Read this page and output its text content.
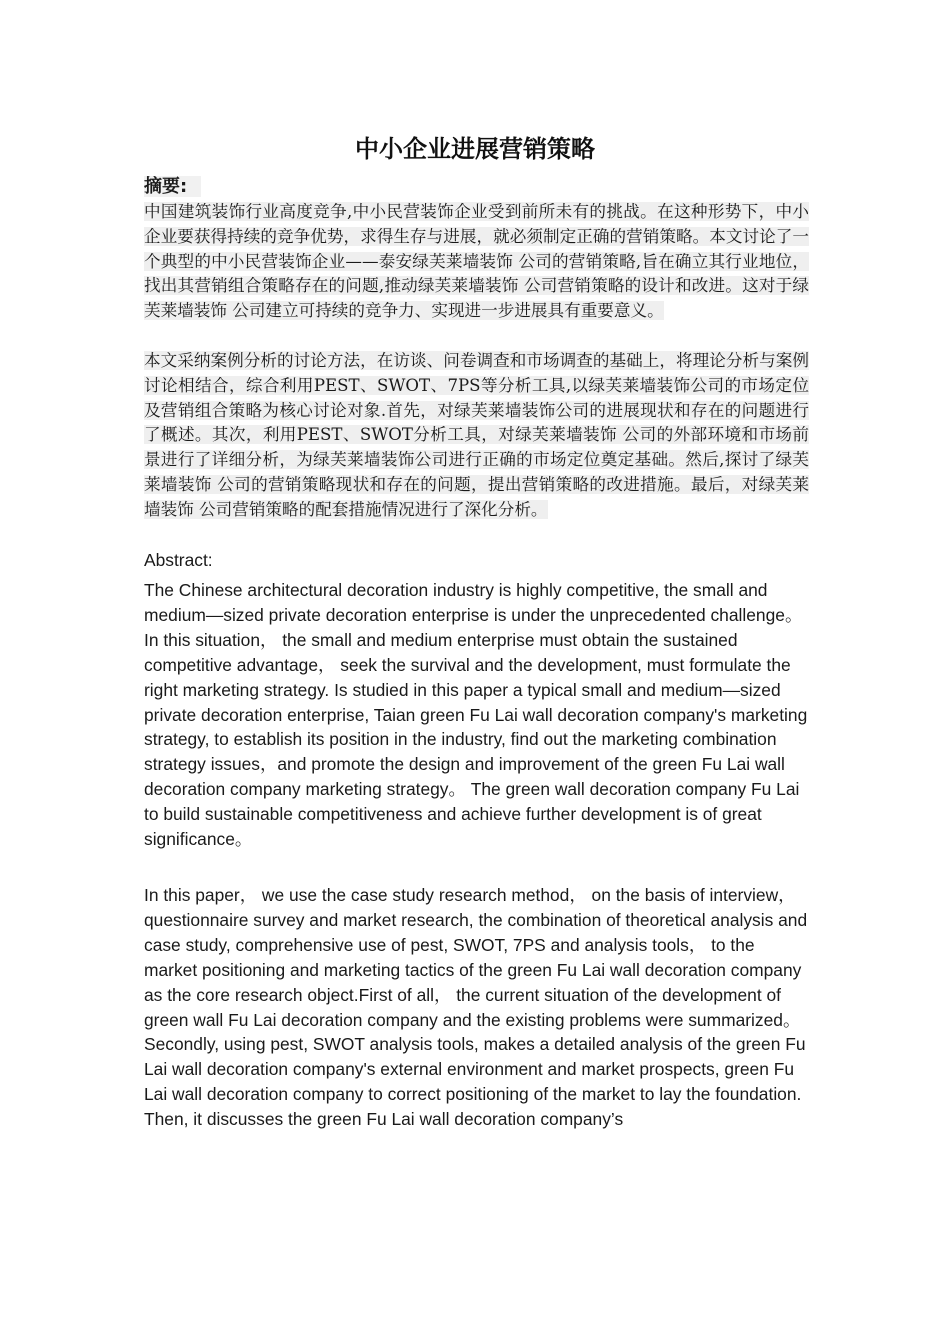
中小企业进展营销策略
摘要:

中国建筑装饰行业高度竞争,中小民营装饰企业受到前所未有的挑战。在这种形势下，中小企业要获得持续的竞争优势，求得生存与进展，就必须制定正确的营销策略。本文讨论了一个典型的中小民营装饰企业——泰安绿芙莱墙装饰 公司的营销策略,旨在确立其行业地位，找出其营销组合策略存在的问题,推动绿芙莱墙装饰 公司营销策略的设计和改进。这对于绿芙莱墙装饰 公司建立可持续的竞争力、实现进一步进展具有重要意义。

本文采纳案例分析的讨论方法，在访谈、问卷调查和市场调查的基础上，将理论分析与案例讨论相结合，综合利用PEST、SWOT、7PS等分析工具,以绿芙莱墙装饰公司的市场定位及营销组合策略为核心讨论对象.首先，对绿芙莱墙装饰公司的进展现状和存在的问题进行了概述。其次，利用PEST、SWOT分析工具，对绿芙莱墙装饰 公司的外部环境和市场前景进行了详细分析，为绿芙莱墙装饰公司进行正确的市场定位奠定基础。然后,探讨了绿芙莱墙装饰 公司的营销策略现状和存在的问题，提出营销策略的改进措施。最后，对绿芙莱墙装饰 公司营销策略的配套措施情况进行了深化分析。

Abstract:

The Chinese architectural decoration industry is highly competitive, the small and medium—sized private decoration enterprise is under the unprecedented challenge。 In this situation， the small and medium enterprise must obtain the sustained competitive advantage， seek the survival and the development, must formulate the right marketing strategy. Is studied in this paper a typical small and medium—sized private decoration enterprise, Taian green Fu Lai wall decoration company's marketing strategy, to establish its position in the industry, find out the marketing combination strategy issues，and promote the design and improvement of the green Fu Lai wall decoration company marketing strategy。 The green wall decoration company Fu Lai to build sustainable competitiveness and achieve further development is of great significance。

In this paper， we use the case study research method， on the basis of interview， questionnaire survey and market research, the combination of theoretical analysis and case study, comprehensive use of pest, SWOT, 7PS and analysis tools， to the market positioning and marketing tactics of the green Fu Lai wall decoration company as the core research object.First of all， the current situation of the development of green wall Fu Lai decoration company and the existing problems were summarized。 Secondly, using pest, SWOT analysis tools, makes a detailed analysis of the green Fu Lai wall decoration company's external environment and market prospects, green Fu Lai wall decoration company to correct positioning of the market to lay the foundation. Then, it discusses the green Fu Lai wall decoration company’s
